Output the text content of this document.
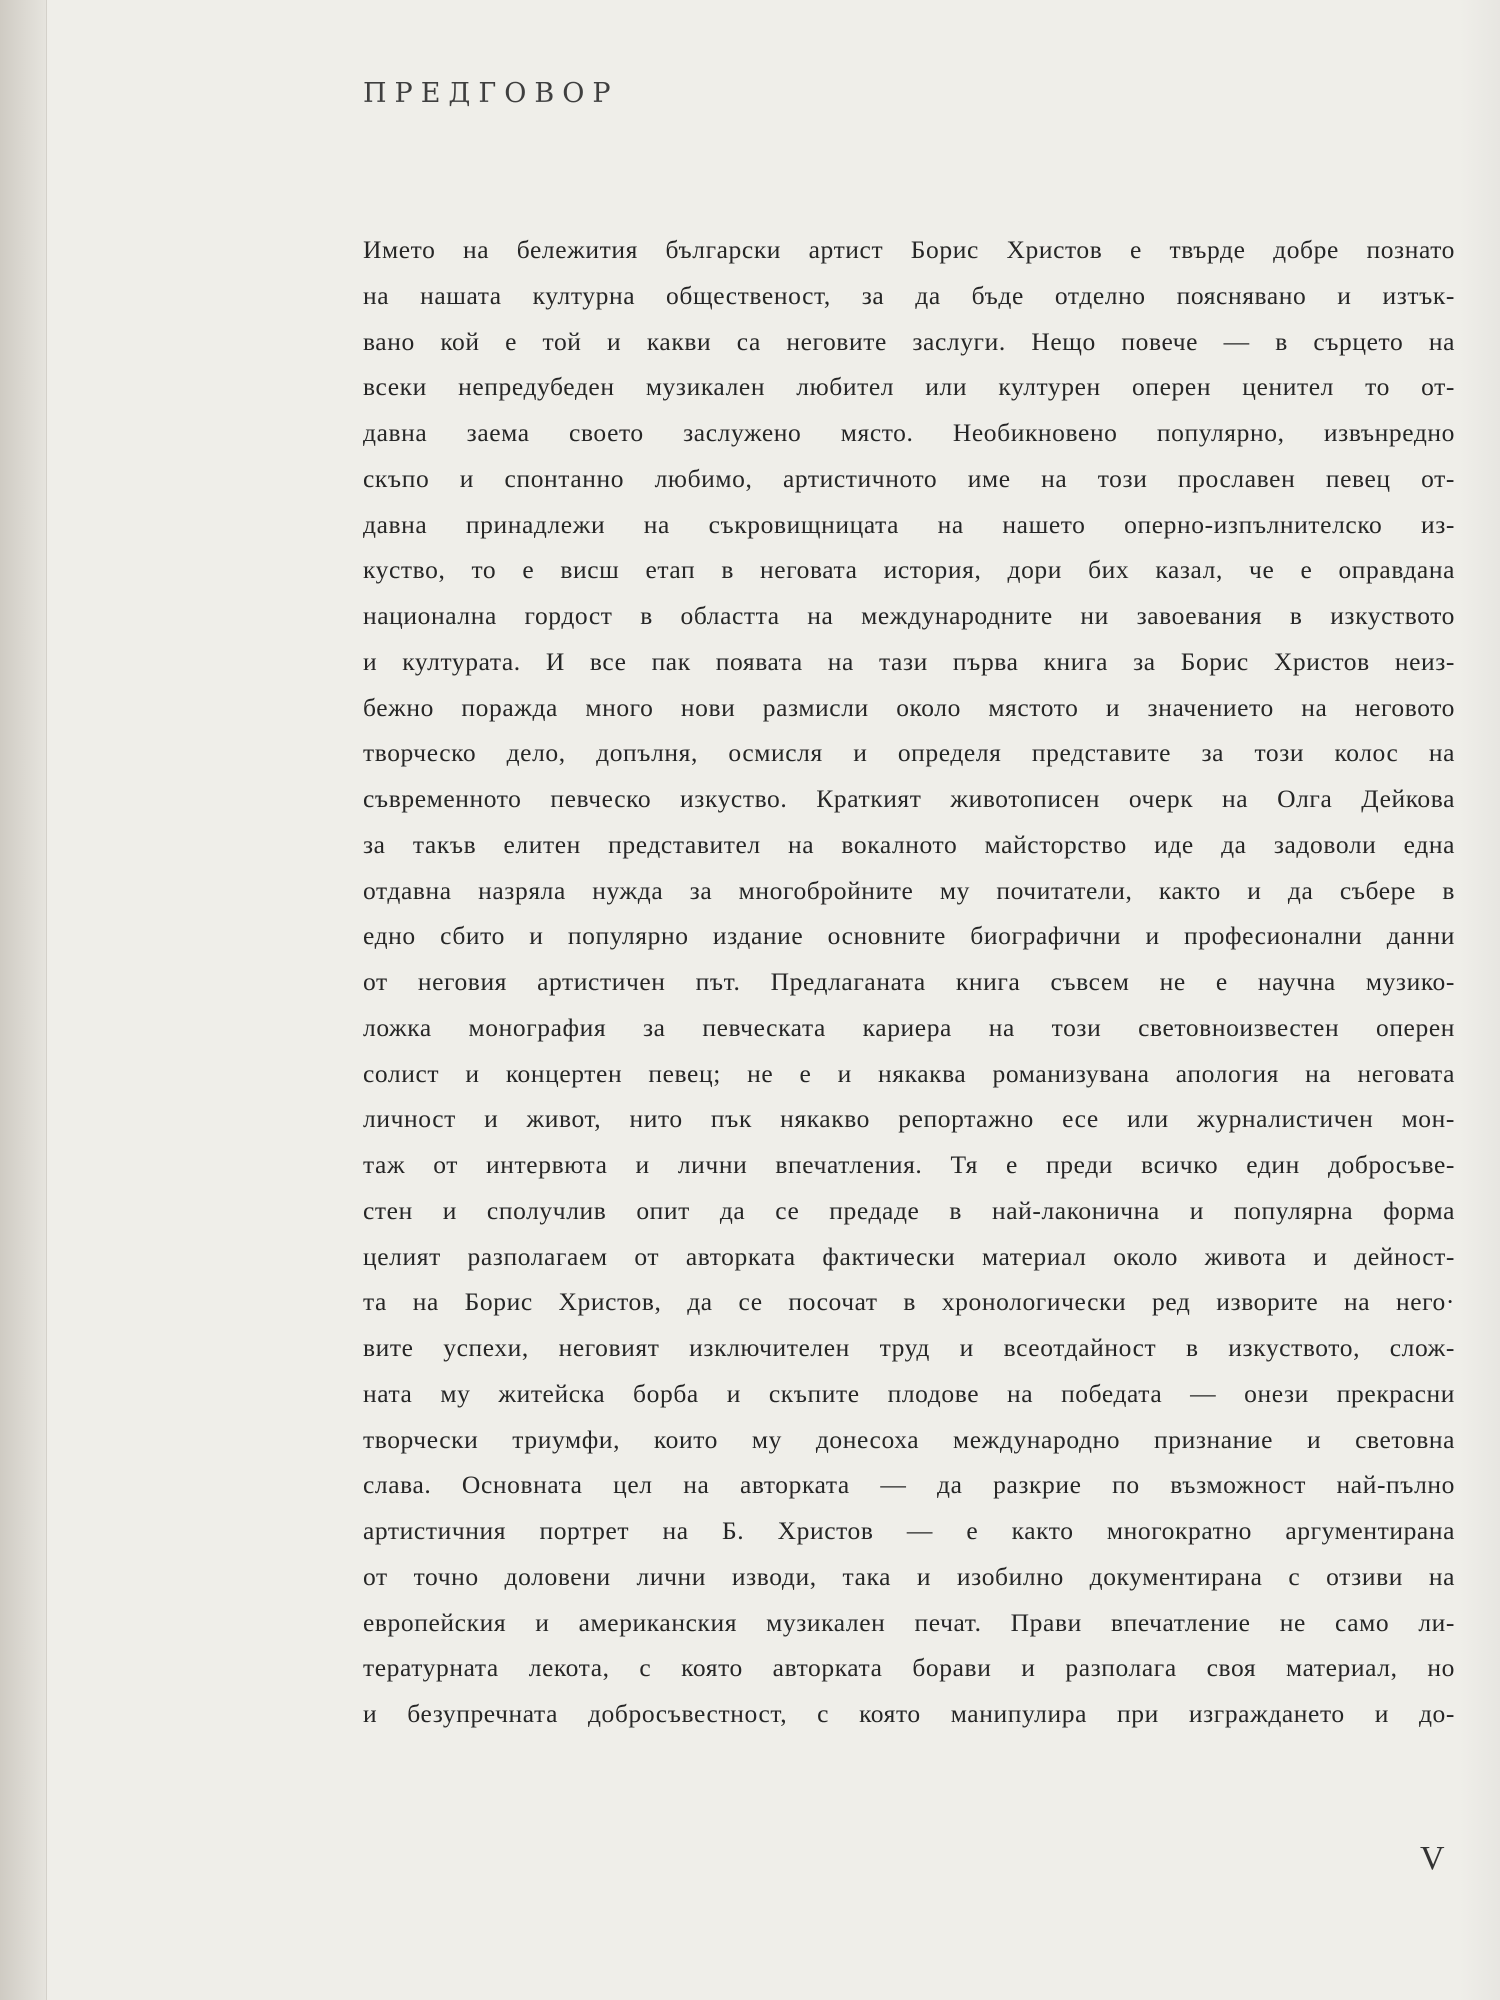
ПРЕДГОВОР
Името на бележития български артист Борис Христов е твърде добре познато
на нашата културна общественост, за да бъде отделно пояснявано и изтък-
вано кой е той и какви са неговите заслуги. Нещо повече — в сърцето на
всеки непредубеден музикален любител или културен оперен ценител то от-
давна заема своето заслужено място. Необикновено популярно, извънредно
скъпо и спонтанно любимо, артистичното име на този прославен певец от-
давна принадлежи на съкровищницата на нашето оперно-изпълнителско из-
куство, то е висш етап в неговата история, дори бих казал, че е оправдана
национална гордост в областта на международните ни завоевания в изкуството
и културата. И все пак появата на тази първа книга за Борис Христов неиз-
бежно поражда много нови размисли около мястото и значението на неговото
творческо дело, допълня, осмисля и определя представите за този колос на
съвременното певческо изкуство. Краткият животописен очерк на Олга Дейкова
за такъв елитен представител на вокалното майсторство иде да задоволи една
отдавна назряла нужда за многобройните му почитатели, както и да събере в
едно сбито и популярно издание основните биографични и професионални данни
от неговия артистичен път. Предлаганата книга съвсем не е научна музико-
ложка монография за певческата кариера на този световноизвестен оперен
солист и концертен певец; не е и някаква романизувана апология на неговата
личност и живот, нито пък някакво репортажно есе или журналистичен мон-
таж от интервюта и лични впечатления. Тя е преди всичко един добросъве-
стен и сполучлив опит да се предаде в най-лаконична и популярна форма
целият разполагаем от авторката фактически материал около живота и дейност-
та на Борис Христов, да се посочат в хронологически ред изворите на него·
вите успехи, неговият изключителен труд и всеотдайност в изкуството, слож-
ната му житейска борба и скъпите плодове на победата — онези прекрасни
творчески триумфи, които му донесоха международно признание и световна
слава. Основната цел на авторката — да разкрие по възможност най-пълно
артистичния портрет на Б. Христов — е както многократно аргументирана
от точно доловени лични изводи, така и изобилно документирана с отзиви на
европейския и американския музикален печат. Прави впечатление не само ли-
тературната лекота, с която авторката борави и разполага своя материал, но
и безупречната добросъвестност, с която манипулира при изграждането и до-
V
